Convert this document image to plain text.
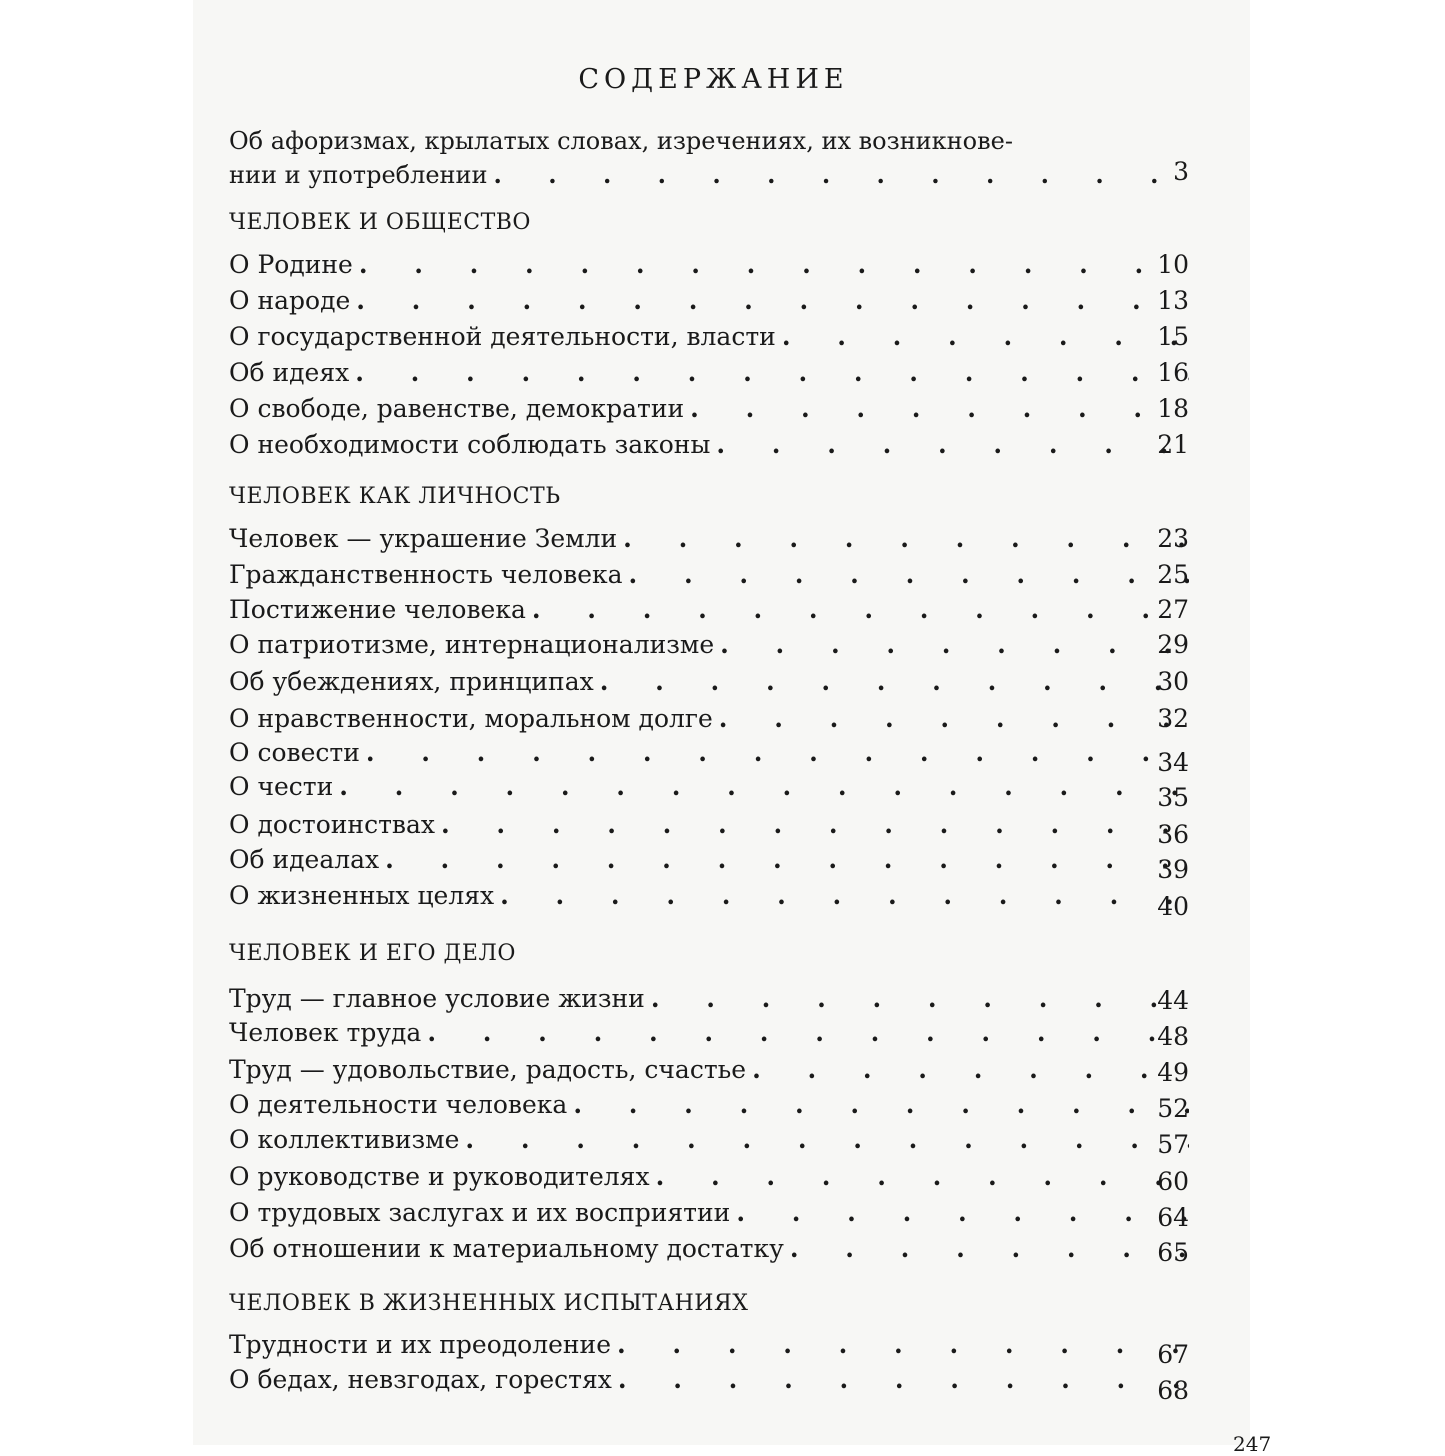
СОДЕРЖАНИЕ
Об афоризмах, крылатых словах, изречениях, их возникнове-
нии и употреблении . . .	3
ЧЕЛОВЕК И ОБЩЕСТВО
О Родине . . .	10
О народе . . .	13
О государственной деятельности, власти . . .	15
Об идеях . . .	16
О свободе, равенстве, демократии . . .	18
О необходимости соблюдать законы . . .	21
ЧЕЛОВЕК КАК ЛИЧНОСТЬ
Человек — украшение Земли . . .	23
Гражданственность человека . . .	25
Постижение человека . . .	27
О патриотизме, интернационализме . . .	29
Об убеждениях, принципах . . .	30
О нравственности, моральном долге . . .	32
О совести . . .	34
О чести . . .	35
О достоинствах . . .	36
Об идеалах . . .	39
О жизненных целях . . .	40
ЧЕЛОВЕК И ЕГО ДЕЛО
Труд — главное условие жизни . . .	44
Человек труда . . .	48
Труд — удовольствие, радость, счастье . . .	49
О деятельности человека . . .	52
О коллективизме . . .	57
О руководстве и руководителях . . .	60
О трудовых заслугах и их восприятии . . .	64
Об отношении к материальному достатку . . .	65
ЧЕЛОВЕК В ЖИЗНЕННЫХ ИСПЫТАНИЯХ
Трудности и их преодоление . . .	67
О бедах, невзгодах, горестях . . .	68
247
